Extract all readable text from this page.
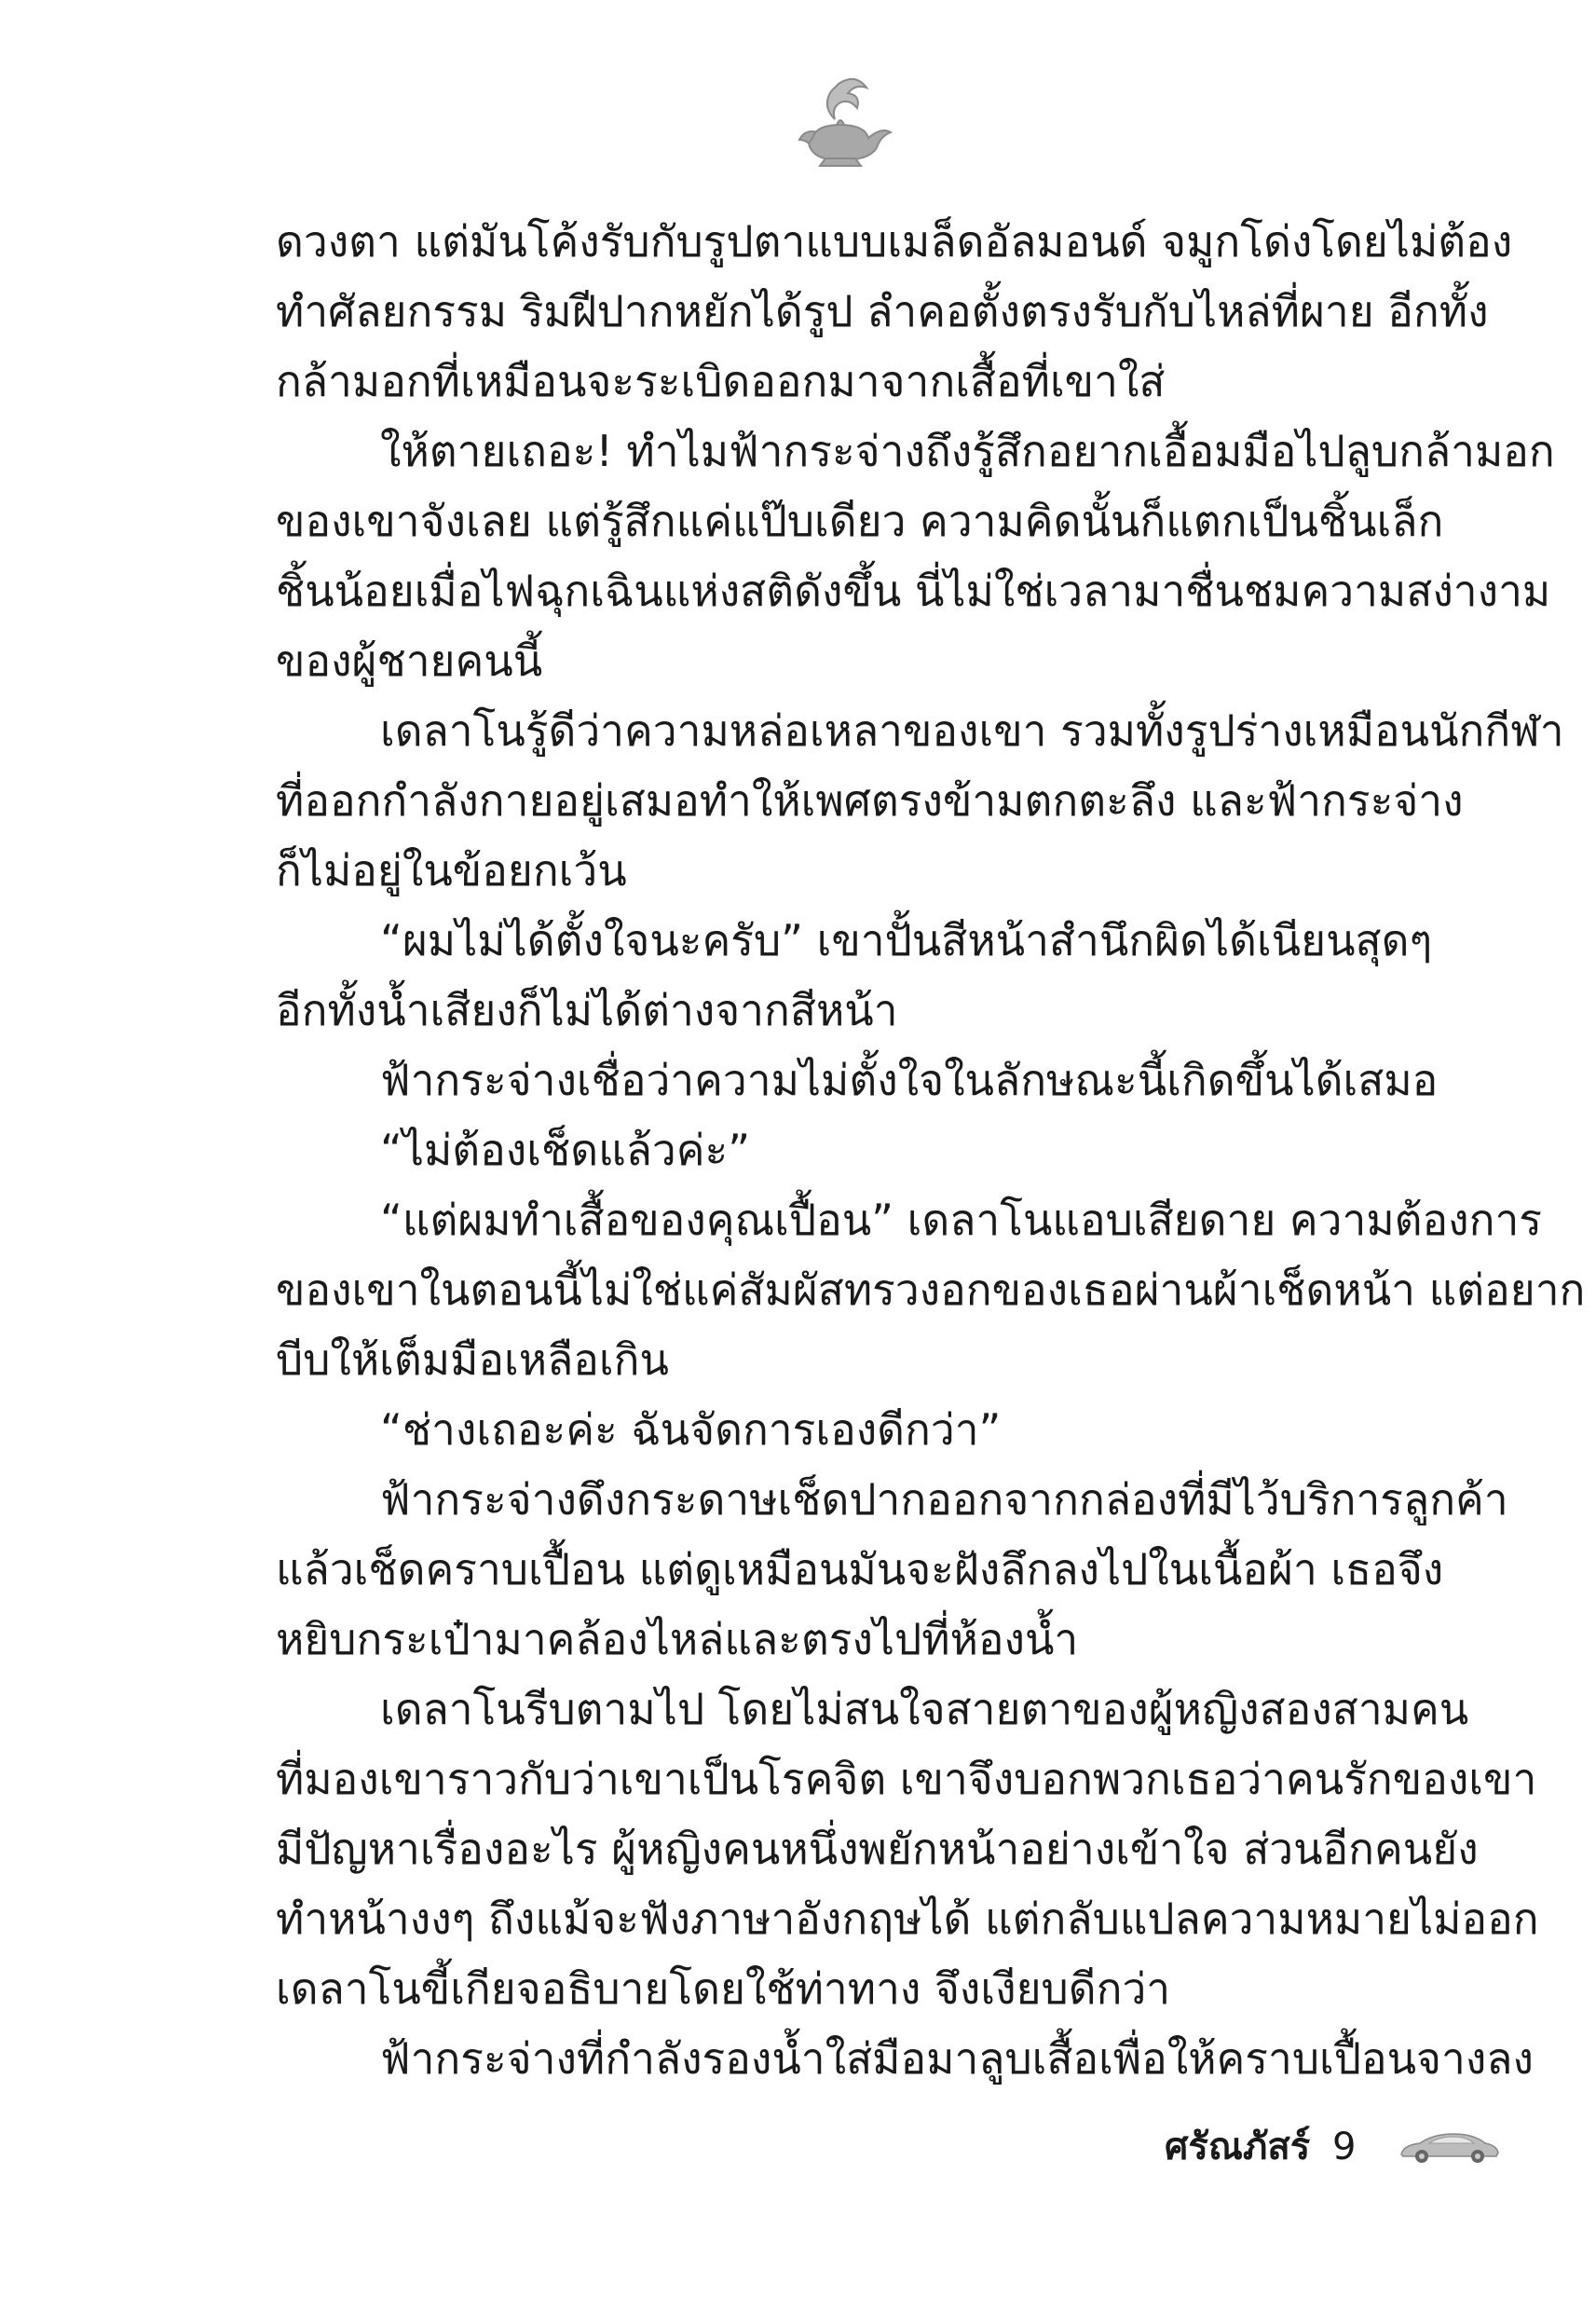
ดวงตา แต่มันโค้งรับกับรูปตาแบบเมล็ดอัลมอนด์ จมูกโด่งโดยไม่ต้อง
ทำศัลยกรรม ริมฝีปากหยักได้รูป ลำคอตั้งตรงรับกับไหล่ที่ผาย อีกทั้ง
กล้ามอกที่เหมือนจะระเบิดออกมาจากเสื้อที่เขาใส่
ให้ตายเถอะ! ทำไมฟ้ากระจ่างถึงรู้สึกอยากเอื้อมมือไปลูบกล้ามอก
ของเขาจังเลย แต่รู้สึกแค่แป๊บเดียว ความคิดนั้นก็แตกเป็นชิ้นเล็ก
ชิ้นน้อยเมื่อไฟฉุกเฉินแห่งสติดังขึ้น นี่ไม่ใช่เวลามาชื่นชมความสง่างาม
ของผู้ชายคนนี้
เดลาโนรู้ดีว่าความหล่อเหลาของเขา รวมทั้งรูปร่างเหมือนนักกีฬา
ที่ออกกำลังกายอยู่เสมอทำให้เพศตรงข้ามตกตะลึง และฟ้ากระจ่าง
ก็ไม่อยู่ในข้อยกเว้น
“ผมไม่ได้ตั้งใจนะครับ” เขาปั้นสีหน้าสำนึกผิดได้เนียนสุดๆ
อีกทั้งน้ำเสียงก็ไม่ได้ต่างจากสีหน้า
ฟ้ากระจ่างเชื่อว่าความไม่ตั้งใจในลักษณะนี้เกิดขึ้นได้เสมอ
“ไม่ต้องเช็ดแล้วค่ะ”
“แต่ผมทำเสื้อของคุณเปื้อน” เดลาโนแอบเสียดาย ความต้องการ
ของเขาในตอนนี้ไม่ใช่แค่สัมผัสทรวงอกของเธอผ่านผ้าเช็ดหน้า แต่อยาก
บีบให้เต็มมือเหลือเกิน
“ช่างเถอะค่ะ ฉันจัดการเองดีกว่า”
ฟ้ากระจ่างดึงกระดาษเช็ดปากออกจากกล่องที่มีไว้บริการลูกค้า
แล้วเช็ดคราบเปื้อน แต่ดูเหมือนมันจะฝังลึกลงไปในเนื้อผ้า เธอจึง
หยิบกระเป๋ามาคล้องไหล่และตรงไปที่ห้องน้ำ
เดลาโนรีบตามไป โดยไม่สนใจสายตาของผู้หญิงสองสามคน
ที่มองเขาราวกับว่าเขาเป็นโรคจิต เขาจึงบอกพวกเธอว่าคนรักของเขา
มีปัญหาเรื่องอะไร ผู้หญิงคนหนึ่งพยักหน้าอย่างเข้าใจ ส่วนอีกคนยัง
ทำหน้างงๆ ถึงแม้จะฟังภาษาอังกฤษได้ แต่กลับแปลความหมายไม่ออก
เดลาโนขี้เกียจอธิบายโดยใช้ท่าทาง จึงเงียบดีกว่า
ฟ้ากระจ่างที่กำลังรองน้ำใส่มือมาลูบเสื้อเพื่อให้คราบเปื้อนจางลง
ศรัณภัสร์ 9
